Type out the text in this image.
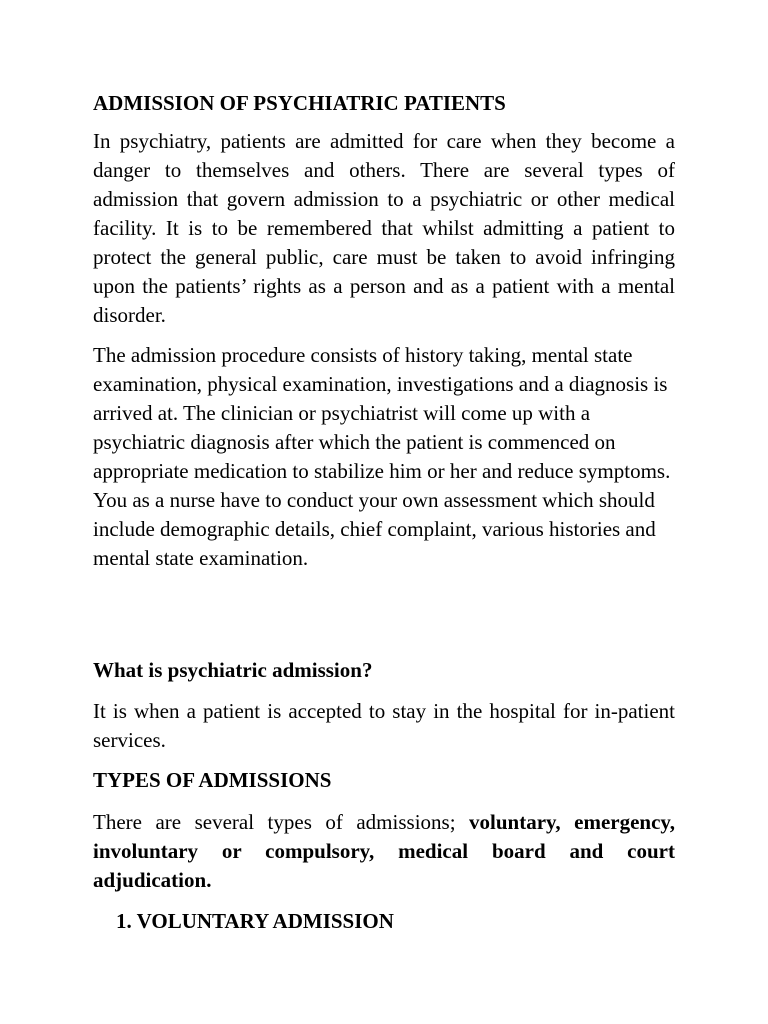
ADMISSION OF PSYCHIATRIC PATIENTS

In psychiatry, patients are admitted for care when they become a danger to themselves and others. There are several types of admission that govern admission to a psychiatric or other medical facility. It is to be remembered that whilst admitting a patient to protect the general public, care must be taken to avoid infringing upon the patients’ rights as a person and as a patient with a mental disorder.

The admission procedure consists of history taking, mental state examination, physical examination, investigations and a diagnosis is arrived at. The clinician or psychiatrist will come up with a psychiatric diagnosis after which the patient is commenced on appropriate medication to stabilize him or her and reduce symptoms. You as a nurse have to conduct your own assessment which should include demographic details, chief complaint, various histories and mental state examination.

What is psychiatric admission?

It is when a patient is accepted to stay in the hospital for in-patient services.

TYPES OF ADMISSIONS

There are several types of admissions; voluntary, emergency, involuntary or compulsory, medical board and court adjudication.

1. VOLUNTARY ADMISSION
